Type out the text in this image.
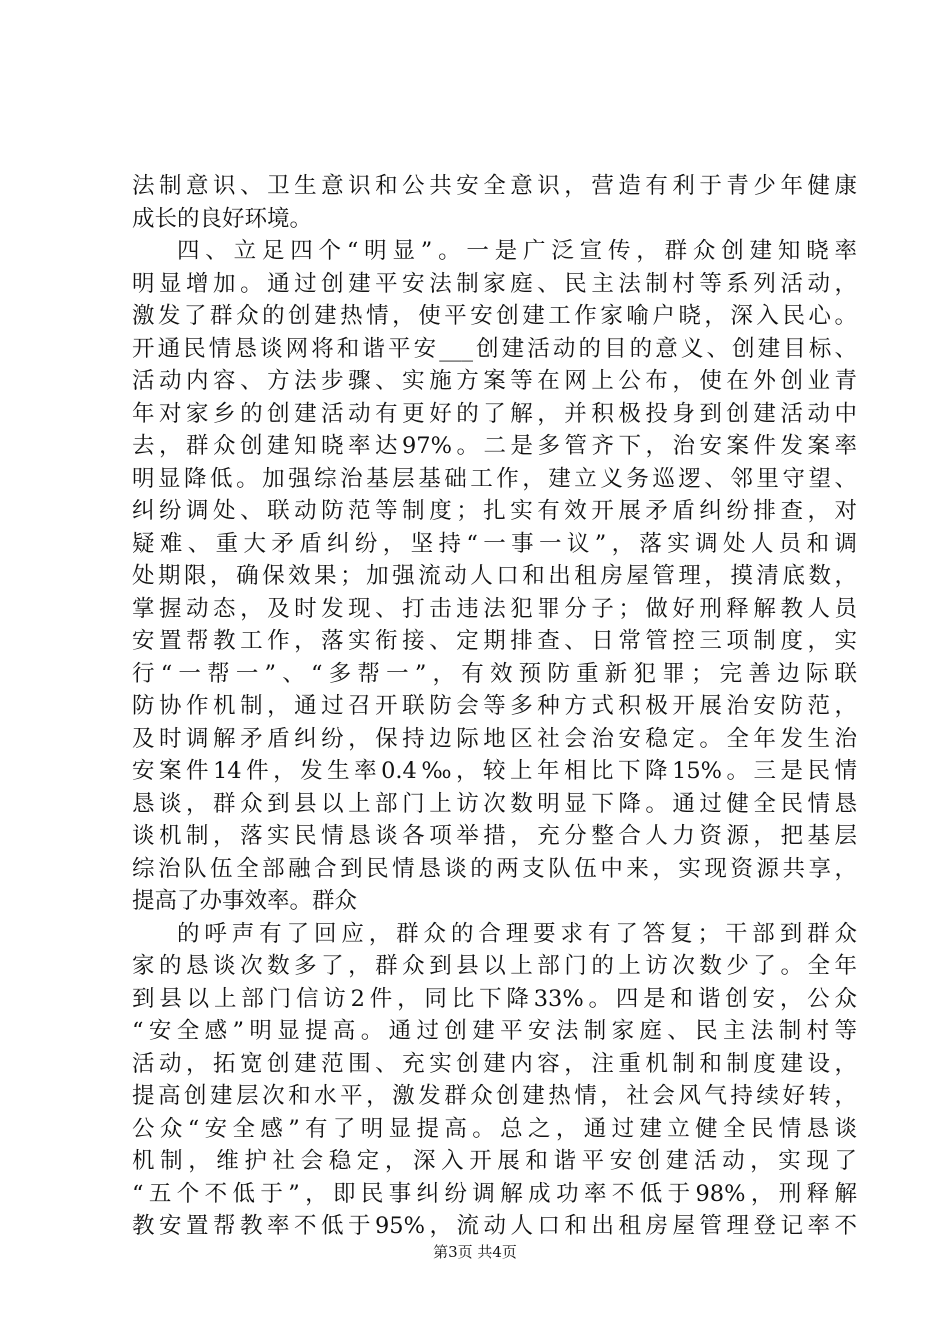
法制意识、卫生意识和公共安全意识，营造有利于青少年健康
成长的良好环境。
四、立足四个“明显”。一是广泛宣传，群众创建知晓率
明显增加。通过创建平安法制家庭、民主法制村等系列活动，
激发了群众的创建热情，使平安创建工作家喻户晓，深入民心。
开通民情恳谈网将和谐平安___创建活动的目的意义、创建目标、
活动内容、方法步骤、实施方案等在网上公布，使在外创业青
年对家乡的创建活动有更好的了解，并积极投身到创建活动中
去，群众创建知晓率达97%。二是多管齐下，治安案件发案率
明显降低。加强综治基层基础工作，建立义务巡逻、邻里守望、
纠纷调处、联动防范等制度；扎实有效开展矛盾纠纷排查，对
疑难、重大矛盾纠纷，坚持“一事一议”，落实调处人员和调
处期限，确保效果；加强流动人口和出租房屋管理，摸清底数，
掌握动态，及时发现、打击违法犯罪分子；做好刑释解教人员
安置帮教工作，落实衔接、定期排查、日常管控三项制度，实
行“一帮一”、“多帮一”，有效预防重新犯罪；完善边际联
防协作机制，通过召开联防会等多种方式积极开展治安防范，
及时调解矛盾纠纷，保持边际地区社会治安稳定。全年发生治
安案件14件，发生率0.4‰，较上年相比下降15%。三是民情
恳谈，群众到县以上部门上访次数明显下降。通过健全民情恳
谈机制，落实民情恳谈各项举措，充分整合人力资源，把基层
综治队伍全部融合到民情恳谈的两支队伍中来，实现资源共享，
提高了办事效率。群众
的呼声有了回应，群众的合理要求有了答复；干部到群众
家的恳谈次数多了，群众到县以上部门的上访次数少了。全年
到县以上部门信访2件，同比下降33%。四是和谐创安，公众
“安全感”明显提高。通过创建平安法制家庭、民主法制村等
活动，拓宽创建范围、充实创建内容，注重机制和制度建设，
提高创建层次和水平，激发群众创建热情，社会风气持续好转，
公众“安全感”有了明显提高。总之，通过建立健全民情恳谈
机制，维护社会稳定，深入开展和谐平安创建活动，实现了
“五个不低于”，即民事纠纷调解成功率不低于98%，刑释解
教安置帮教率不低于95%，流动人口和出租房屋管理登记率不
第3页 共4页
